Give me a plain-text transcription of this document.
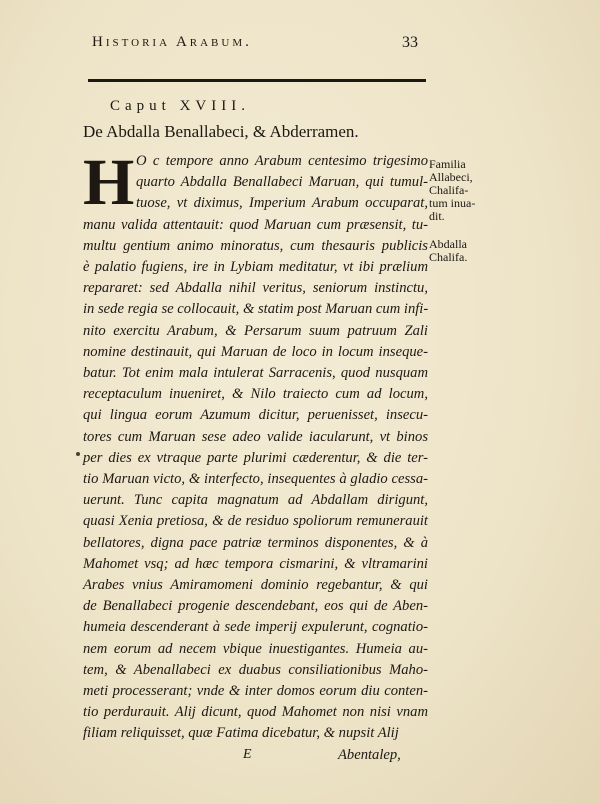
Historia Arabum.	33
Caput XVIII.
De Abdalla Benallabeci, & Abderramen.
H O c tempore anno Arabum centesimo trigesimo
quarto Abdalla Benallabeci Maruan, qui tumul-
tuose, vt diximus, Imperium Arabum occuparat,
manu valida attentauit: quod Maruan cum præsensit, tu-
multu gentium animo minoratus, cum thesauris publicis
è palatio fugiens, ire in Lybiam meditatur, vt ibi prælium
repararet: sed Abdalla nihil veritus, seniorum instinctu,
in sede regia se collocauit, & statim post Maruan cum infi-
nito exercitu Arabum, & Persarum suum patruum Zali
nomine destinauit, qui Maruan de loco in locum inseque-
batur. Tot enim mala intulerat Sarracenis, quod nusquam
receptaculum inueniret, & Nilo traiecto cum ad locum,
qui lingua eorum Azumum dicitur, peruenisset, insecu-
tores cum Maruan sese adeo valide iacularunt, vt binos
per dies ex vtraque parte plurimi cæderentur, & die ter-
tio Maruan victo, & interfecto, insequentes à gladio cessa-
uerunt. Tunc capita magnatum ad Abdallam dirigunt,
quasi Xenia pretiosa, & de residuo spoliorum remunerauit
bellatores, digna pace patriæ terminos disponentes, & à
Mahomet vsq; ad hæc tempora cismarini, & vltramarini
Arabes vnius Amiramomeni dominio regebantur, & qui
de Benallabeci progenie descendebant, eos qui de Aben-
humeia descenderant à sede imperij expulerunt, cognatio-
nem eorum ad necem vbique inuestigantes. Humeia au-
tem, & Abenallabeci ex duabus consiliationibus Maho-
meti processerant; vnde & inter domos eorum diu conten-
tio perdurauit. Alij dicunt, quod Mahomet non nisi vnam
filiam reliquisset, quæ Fatima dicebatur, & nupsit Alij
Familia
Allabeci,
Chalifa-
tum inua-
dit.
Abdalla
Chalifa.
E	Abentalep,
